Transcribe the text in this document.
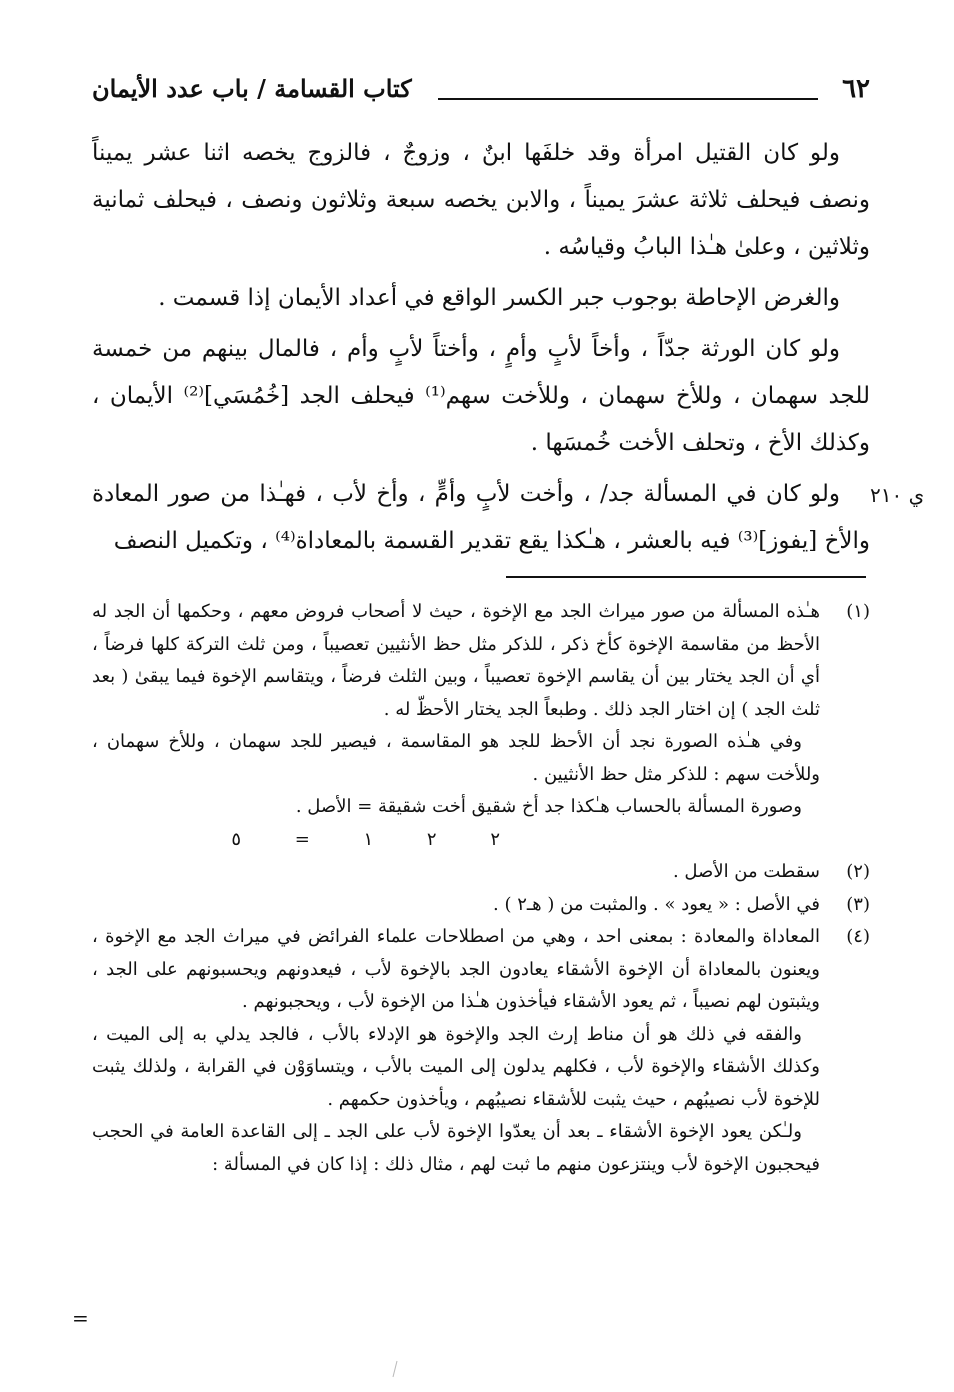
٦٢
كتاب القسامة / باب عدد الأيمان
ي ٢١٠

ولو كان القتيل امرأة وقد خلفَها ابنٌ ، وزوجٌ ، فالزوج يخصه اثنا عشر يميناً ونصف فيحلف ثلاثة عشرَ يميناً ، والابن يخصه سبعة وثلاثون ونصف ، فيحلف ثمانية وثلاثين ، وعلىٰ هـٰذا البابُ وقياسُه .

والغرض الإحاطة بوجوب جبر الكسر الواقع في أعداد الأيمان إذا قسمت .

ولو كان الورثة جدّاً ، وأخاً لأبٍ وأمٍ ، وأختاً لأبٍ وأم ، فالمال بينهم من خمسة للجد سهمان ، وللأخ سهمان ، وللأخت سهم⁽¹⁾ فيحلف الجد [خُمُسَي]⁽²⁾ الأيمان ، وكذلك الأخ ، وتحلف الأخت خُمسَها .

ولو كان في المسألة جد/ ، وأخت لأبٍ وأمٍّ ، وأخ لأب ، فهـٰذا من صور المعادة والأخ [يفوز]⁽³⁾ فيه بالعشر ، هـٰكذا يقع تقدير القسمة بالمعاداة⁽⁴⁾ ، وتكميل النصف

(١)

هـٰذه المسألة من صور ميراث الجد مع الإخوة ، حيث لا أصحاب فروض معهم ، وحكمها أن الجد له الأحظ من مقاسمة الإخوة كأخ ذكر ، للذكر مثل حظ الأنثيين تعصيباً ، ومن ثلث التركة كلها فرضاً ، أي أن الجد يختار بين أن يقاسم الإخوة تعصيباً ، وبين الثلث فرضاً ، ويتقاسم الإخوة فيما يبقىٰ ( بعد ثلث الجد ) إن اختار الجد ذلك . وطبعاً الجد يختار الأحظّ له .

وفي هـٰذه الصورة نجد أن الأحظ للجد هو المقاسمة ، فيصير للجد سهمان ، وللأخ سهمان ، وللأخت سهم : للذكر مثل حظ الأنثيين .

وصورة المسألة بالحساب هـٰكذا جد أخ شقيق أخت شقيقة = الأصل .
٢ ٢ ١ = ٥
(٢)

سقطت من الأصل .

(٣)

في الأصل : « يعود » . والمثبت من ( هـ٢ ) .

(٤)

المعاداة والمعادة : بمعنى احد ، وهي من اصطلاحات علماء الفرائض في ميراث الجد مع الإخوة ، ويعنون بالمعاداة أن الإخوة الأشقاء يعادون الجد بالإخوة لأب ، فيعدونهم ويحسبونهم على الجد ، ويثبتون لهم نصيباً ، ثم يعود الأشقاء فيأخذون هـٰذا من الإخوة لأب ، ويحجبونهم .

والفقه في ذلك هو أن مناط إرث الجد والإخوة هو الإدلاء بالأب ، فالجد يدلي به إلى الميت ، وكذلك الأشقاء والإخوة لأب ، فكلهم يدلون إلى الميت بالأب ، ويتساوَوْن في القرابة ، ولذلك يثبت للإخوة لأب نصيبُهم ، حيث يثبت للأشقاء نصيبُهم ، ويأخذون حكمهم .

ولـٰكن يعود الإخوة الأشقاء ـ بعد أن يعدّوا الإخوة لأب على الجد ـ إلى القاعدة العامة في الحجب فيحجبون الإخوة لأب وينتزعون منهم ما ثبت لهم ، مثال ذلك : إذا كان في المسألة :

=
